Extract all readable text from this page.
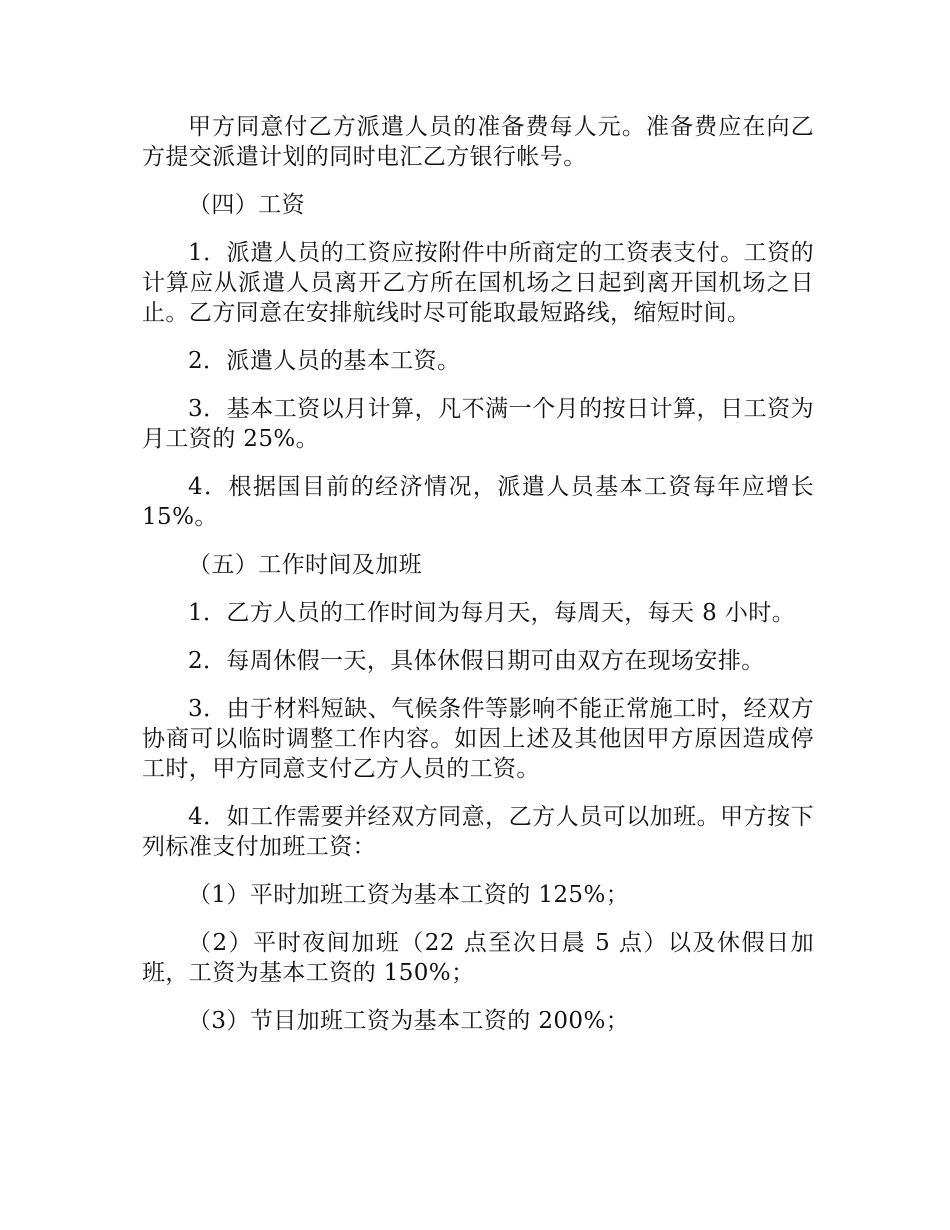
甲方同意付乙方派遣人员的准备费每人元。准备费应在向乙方提交派遣计划的同时电汇乙方银行帐号。

（四）工资

1．派遣人员的工资应按附件中所商定的工资表支付。工资的计算应从派遣人员离开乙方所在国机场之日起到离开国机场之日止。乙方同意在安排航线时尽可能取最短路线，缩短时间。

2．派遣人员的基本工资。

3．基本工资以月计算，凡不满一个月的按日计算，日工资为月工资的 25%。

4．根据国目前的经济情况，派遣人员基本工资每年应增长 15%。

（五）工作时间及加班

1．乙方人员的工作时间为每月天，每周天，每天 8 小时。

2．每周休假一天，具体休假日期可由双方在现场安排。

3．由于材料短缺、气候条件等影响不能正常施工时，经双方协商可以临时调整工作内容。如因上述及其他因甲方原因造成停工时，甲方同意支付乙方人员的工资。

4．如工作需要并经双方同意，乙方人员可以加班。甲方按下列标准支付加班工资：

（1）平时加班工资为基本工资的 125%；

（2）平时夜间加班（22 点至次日晨 5 点）以及休假日加班，工资为基本工资的 150%；

（3）节目加班工资为基本工资的 200%；
